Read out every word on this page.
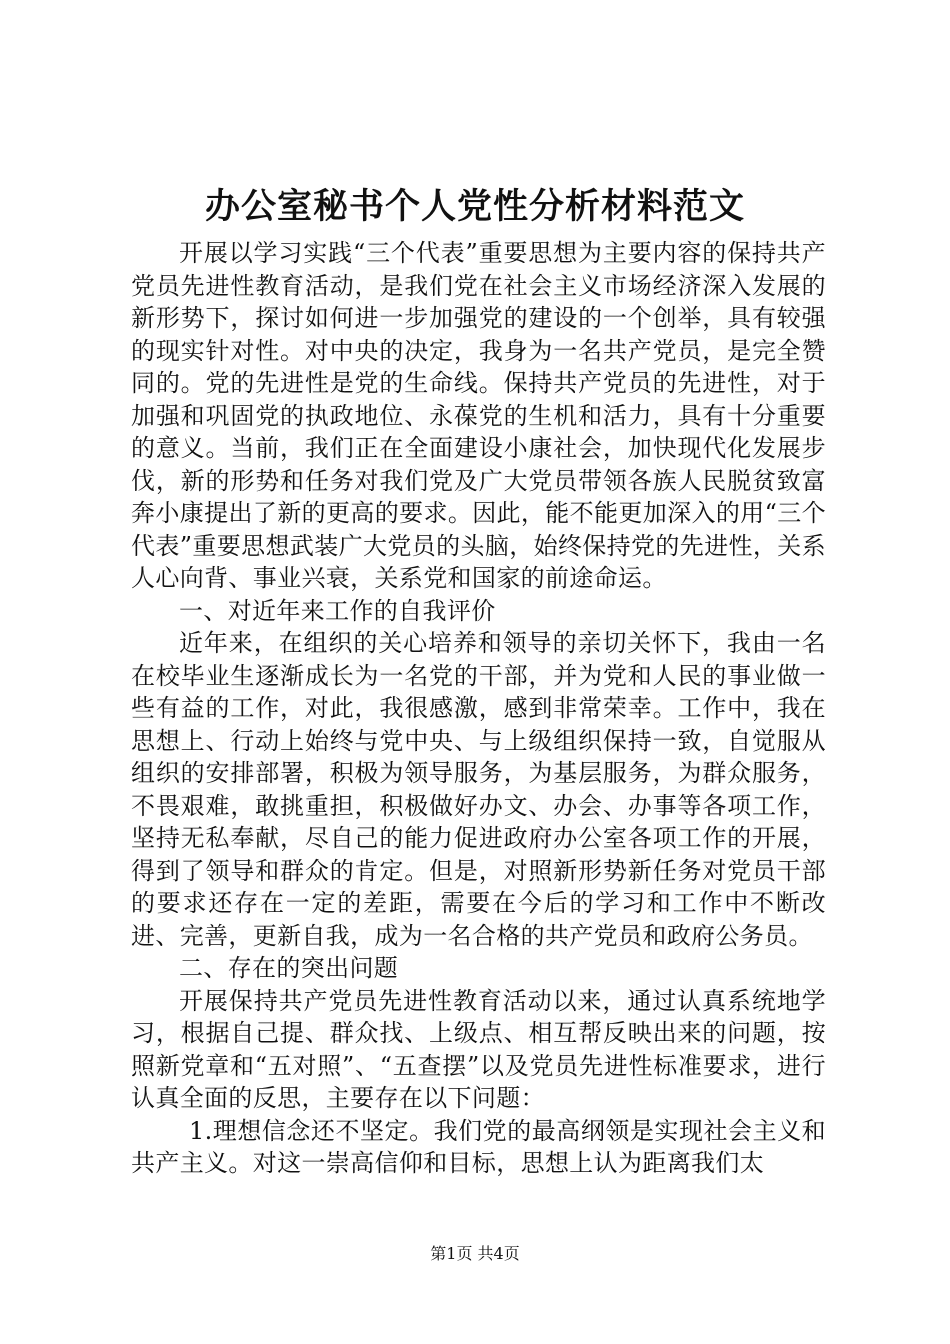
办公室秘书个人党性分析材料范文

开展以学习实践“三个代表”重要思想为主要内容的保持共产党员先进性教育活动，是我们党在社会主义市场经济深入发展的新形势下，探讨如何进一步加强党的建设的一个创举，具有较强的现实针对性。对中央的决定，我身为一名共产党员，是完全赞同的。党的先进性是党的生命线。保持共产党员的先进性，对于加强和巩固党的执政地位、永葆党的生机和活力，具有十分重要的意义。当前，我们正在全面建设小康社会，加快现代化发展步伐，新的形势和任务对我们党及广大党员带领各族人民脱贫致富奔小康提出了新的更高的要求。因此，能不能更加深入的用“三个代表”重要思想武装广大党员的头脑，始终保持党的先进性，关系人心向背、事业兴衰，关系党和国家的前途命运。

一、对近年来工作的自我评价

近年来，在组织的关心培养和领导的亲切关怀下，我由一名在校毕业生逐渐成长为一名党的干部，并为党和人民的事业做一些有益的工作，对此，我很感激，感到非常荣幸。工作中，我在思想上、行动上始终与党中央、与上级组织保持一致，自觉服从组织的安排部署，积极为领导服务，为基层服务，为群众服务，不畏艰难，敢挑重担，积极做好办文、办会、办事等各项工作，坚持无私奉献，尽自己的能力促进政府办公室各项工作的开展，得到了领导和群众的肯定。但是，对照新形势新任务对党员干部的要求还存在一定的差距，需要在今后的学习和工作中不断改进、完善，更新自我，成为一名合格的共产党员和政府公务员。

二、存在的突出问题

开展保持共产党员先进性教育活动以来，通过认真系统地学习，根据自己提、群众找、上级点、相互帮反映出来的问题，按照新党章和“五对照”、“五查摆”以及党员先进性标准要求，进行认真全面的反思，主要存在以下问题：

1.理想信念还不坚定。我们党的最高纲领是实现社会主义和共产主义。对这一崇高信仰和目标，思想上认为距离我们太

第1页 共4页
